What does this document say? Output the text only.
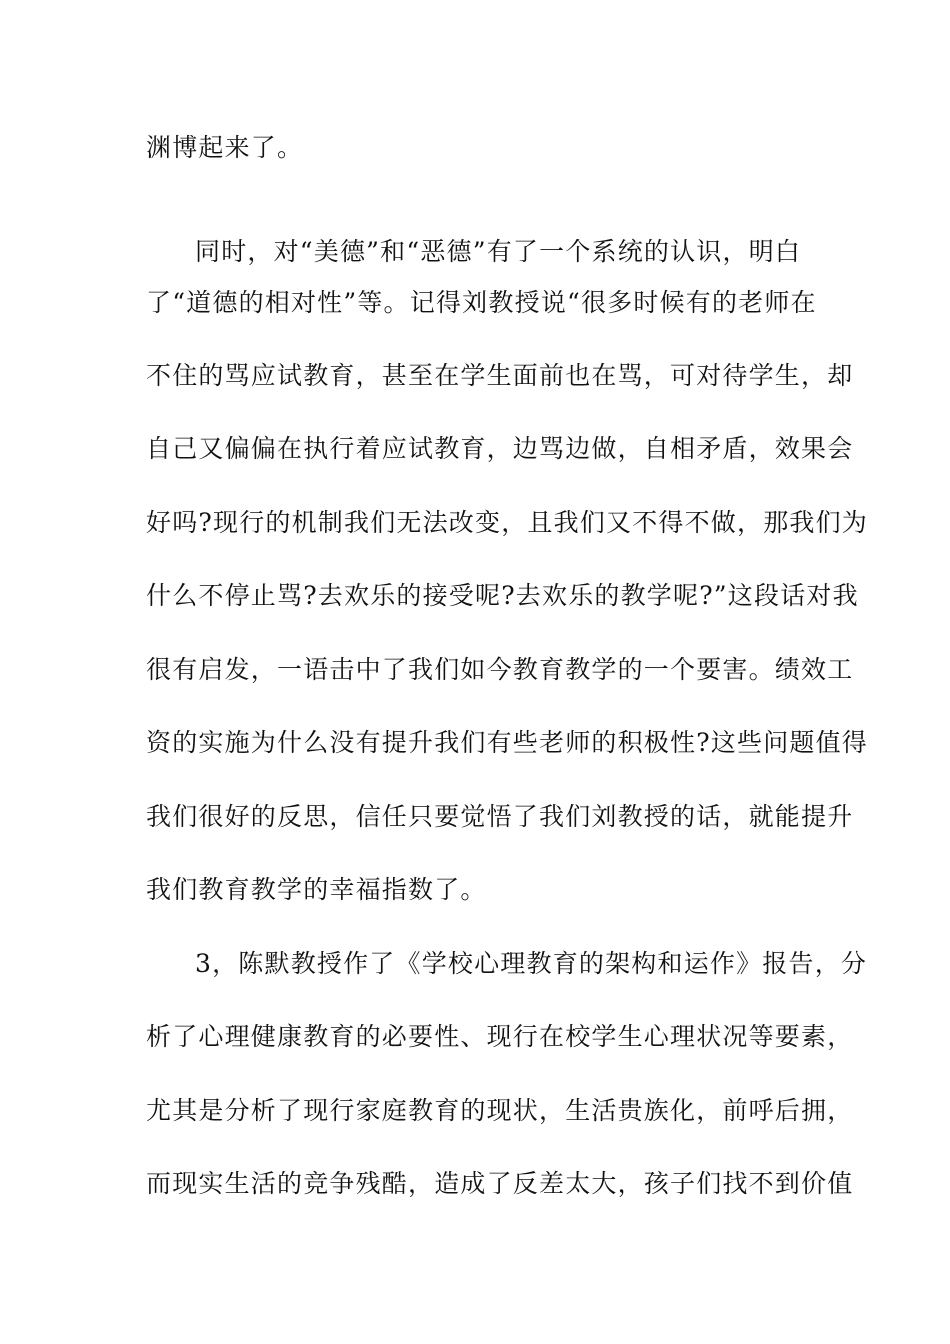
渊博起来了。
同时，对“美德”和“恶德”有了一个系统的认识，明白
了“道德的相对性”等。记得刘教授说“很多时候有的老师在
不住的骂应试教育，甚至在学生面前也在骂，可对待学生，却
自己又偏偏在执行着应试教育，边骂边做，自相矛盾，效果会
好吗?现行的机制我们无法改变，且我们又不得不做，那我们为
什么不停止骂?去欢乐的接受呢?去欢乐的教学呢?”这段话对我
很有启发，一语击中了我们如今教育教学的一个要害。绩效工
资的实施为什么没有提升我们有些老师的积极性?这些问题值得
我们很好的反思，信任只要觉悟了我们刘教授的话，就能提升
我们教育教学的幸福指数了。
3，陈默教授作了《学校心理教育的架构和运作》报告，分
析了心理健康教育的必要性、现行在校学生心理状况等要素，
尤其是分析了现行家庭教育的现状，生活贵族化，前呼后拥，
而现实生活的竞争残酷，造成了反差太大，孩子们找不到价值
